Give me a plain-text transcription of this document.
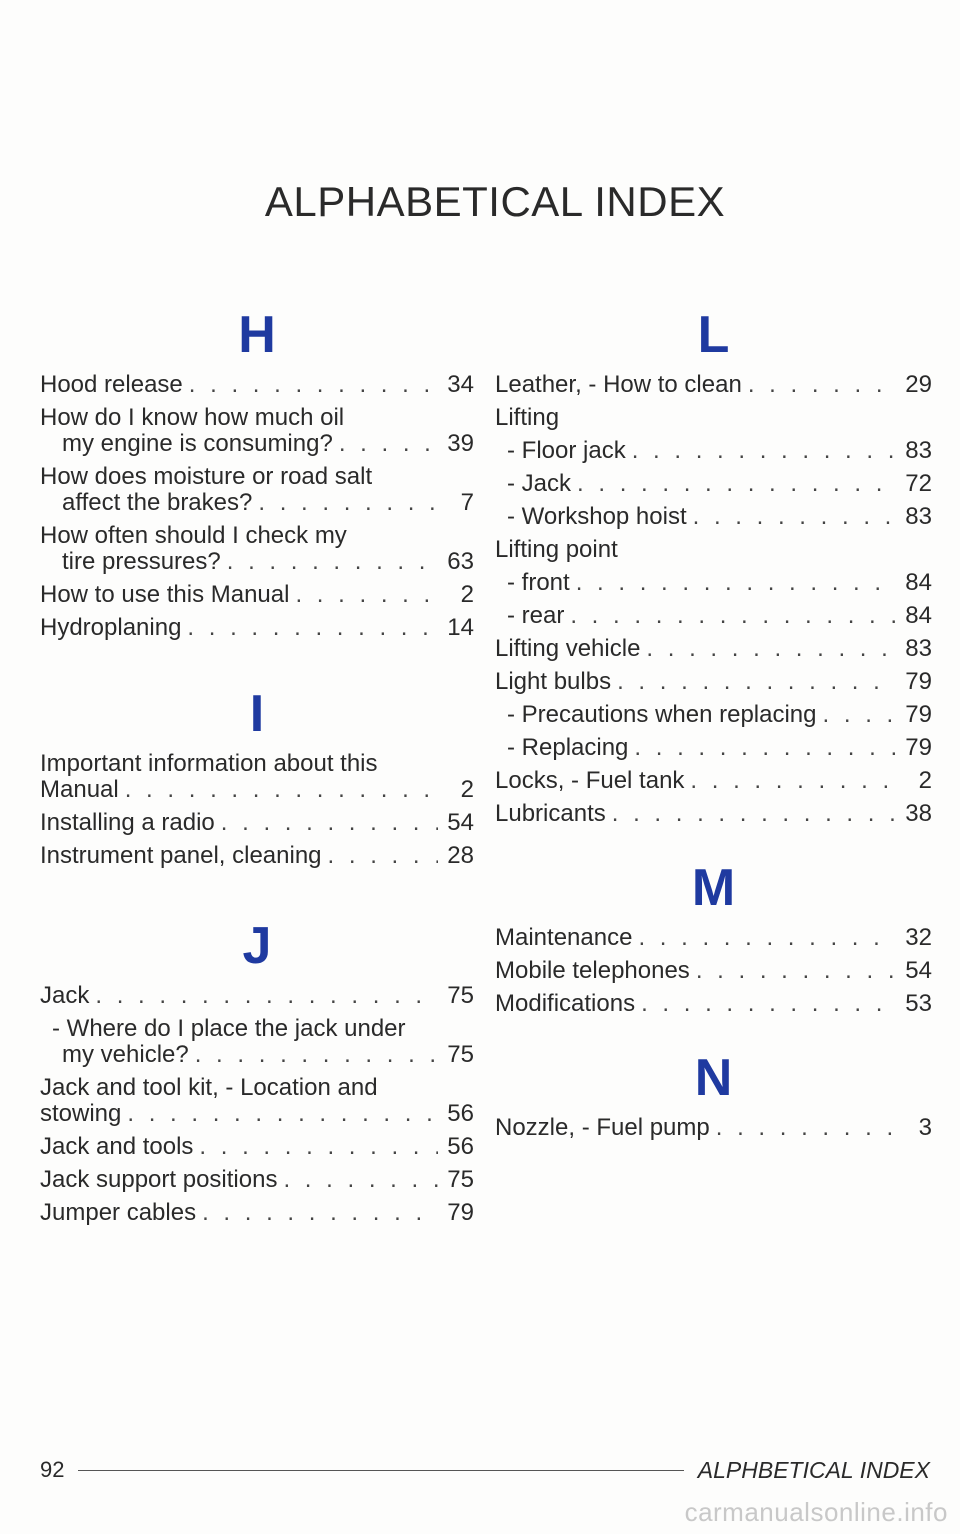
ALPHABETICAL INDEX
H
Hood release . . .	34
How do I know how much oil
my engine is consuming? . . .	39
How does moisture or road salt
affect the brakes? . . .	7
How often should I check my
tire pressures? . . .	63
How to use this Manual . . .	2
Hydroplaning . . .	14
I
Important information about this
Manual . . .	2
Installing a radio . . .	54
Instrument panel, cleaning . . .	28
J
Jack . . .	75
- Where do I place the jack under
my vehicle? . . .	75
Jack and tool kit, - Location and
stowing . . .	56
Jack and tools . . .	56
Jack support positions . . .	75
Jumper cables . . .	79
L
Leather, - How to clean . . .	29
Lifting
- Floor jack . . .	83
- Jack . . .	72
- Workshop hoist . . .	83
Lifting point
- front . . .	84
- rear . . .	84
Lifting vehicle . . .	83
Light bulbs . . .	79
- Precautions when replacing . . .	79
- Replacing . . .	79
Locks, - Fuel tank . . .	2
Lubricants . . .	38
M
Maintenance . . .	32
Mobile telephones . . .	54
Modifications . . .	53
N
Nozzle, - Fuel pump . . .	3
92	ALPHBETICAL INDEX
carmanualsonline.info
